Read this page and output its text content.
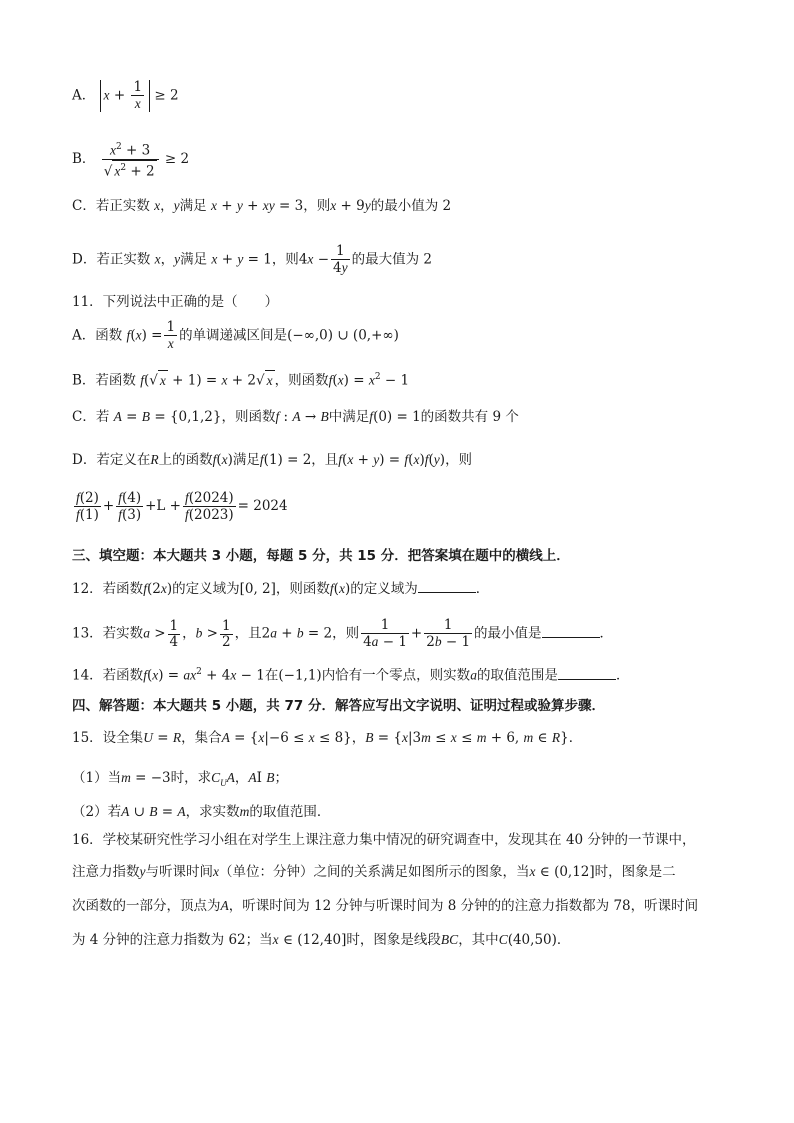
A． $x + \frac{1}{x} \ge 2$
B． $\frac{x^2 + 3}{√ x^2 + 2} \ge 2$
C．若正实数 x，y满足 x + y + xy = 3，则x + 9y的最小值为 2
D．若正实数 x，y满足 x + y = 1，则$4x - \frac{1}{4y}$ 的最大值为 2
11．下列说法中正确的是（　　）
A．函数 $f(x) = \frac{1}{x}$ 的单调递减区间是(−∞,0) ∪ (0,+∞)
B．若函数 f(√ x + 1) = x + 2√ x ，则函数$f(x) = x^2 - 1$
C．若 A = B = {0,1,2}，则函数f : A → B中满足f(0) = 1的函数共有 9 个
D．若定义在R上的函数f(x)满足f(1) = 2，且f(x + y) = f(x)f(y)，则
$\frac{f(2)}{f(1)} + \frac{f(4)}{f(3)} +L + \frac{f(2024)}{f(2023)} = 2024$
三、填空题：本大题共 3 小题，每题 5 分，共 15 分．把答案填在题中的横线上．
12．若函数f(2x)的定义域为[0, 2]，则函数f(x)的定义域为	．
13．若实数$a > \frac{1}{4}$ ，$b > \frac{1}{2}$ ，且2a + b = 2，则 $\frac{1}{4a - 1} + \frac{1}{2b - 1}$ 的最小值是	．
14．若函数$f(x) = ax^2 + 4x - 1$在(−1,1)内恰有一个零点，则实数a的取值范围是	．
四、解答题：本大题共 5 小题，共 77 分．解答应写出文字说明、证明过程或验算步骤．
15．设全集U = R，集合A = {x|−6 ≤ x ≤ 8}，B = {x|3m ≤ x ≤ m + 6, m ∈ R}．
（1）当m = −3时，求$C_UA$，AI B；
（2）若A ∪ B = A，求实数m的取值范围．
16．学校某研究性学习小组在对学生上课注意力集中情况的研究调查中，发现其在 40 分钟的一节课中，
注意力指数y与听课时间x（单位：分钟）之间的关系满足如图所示的图象，当x ∈ (0,12]时，图象是二
次函数的一部分，顶点为A，听课时间为 12 分钟与听课时间为 8 分钟的的注意力指数都为 78，听课时间
为 4 分钟的注意力指数为 62；当x ∈ (12,40]时，图象是线段BC，其中C(40,50)．
